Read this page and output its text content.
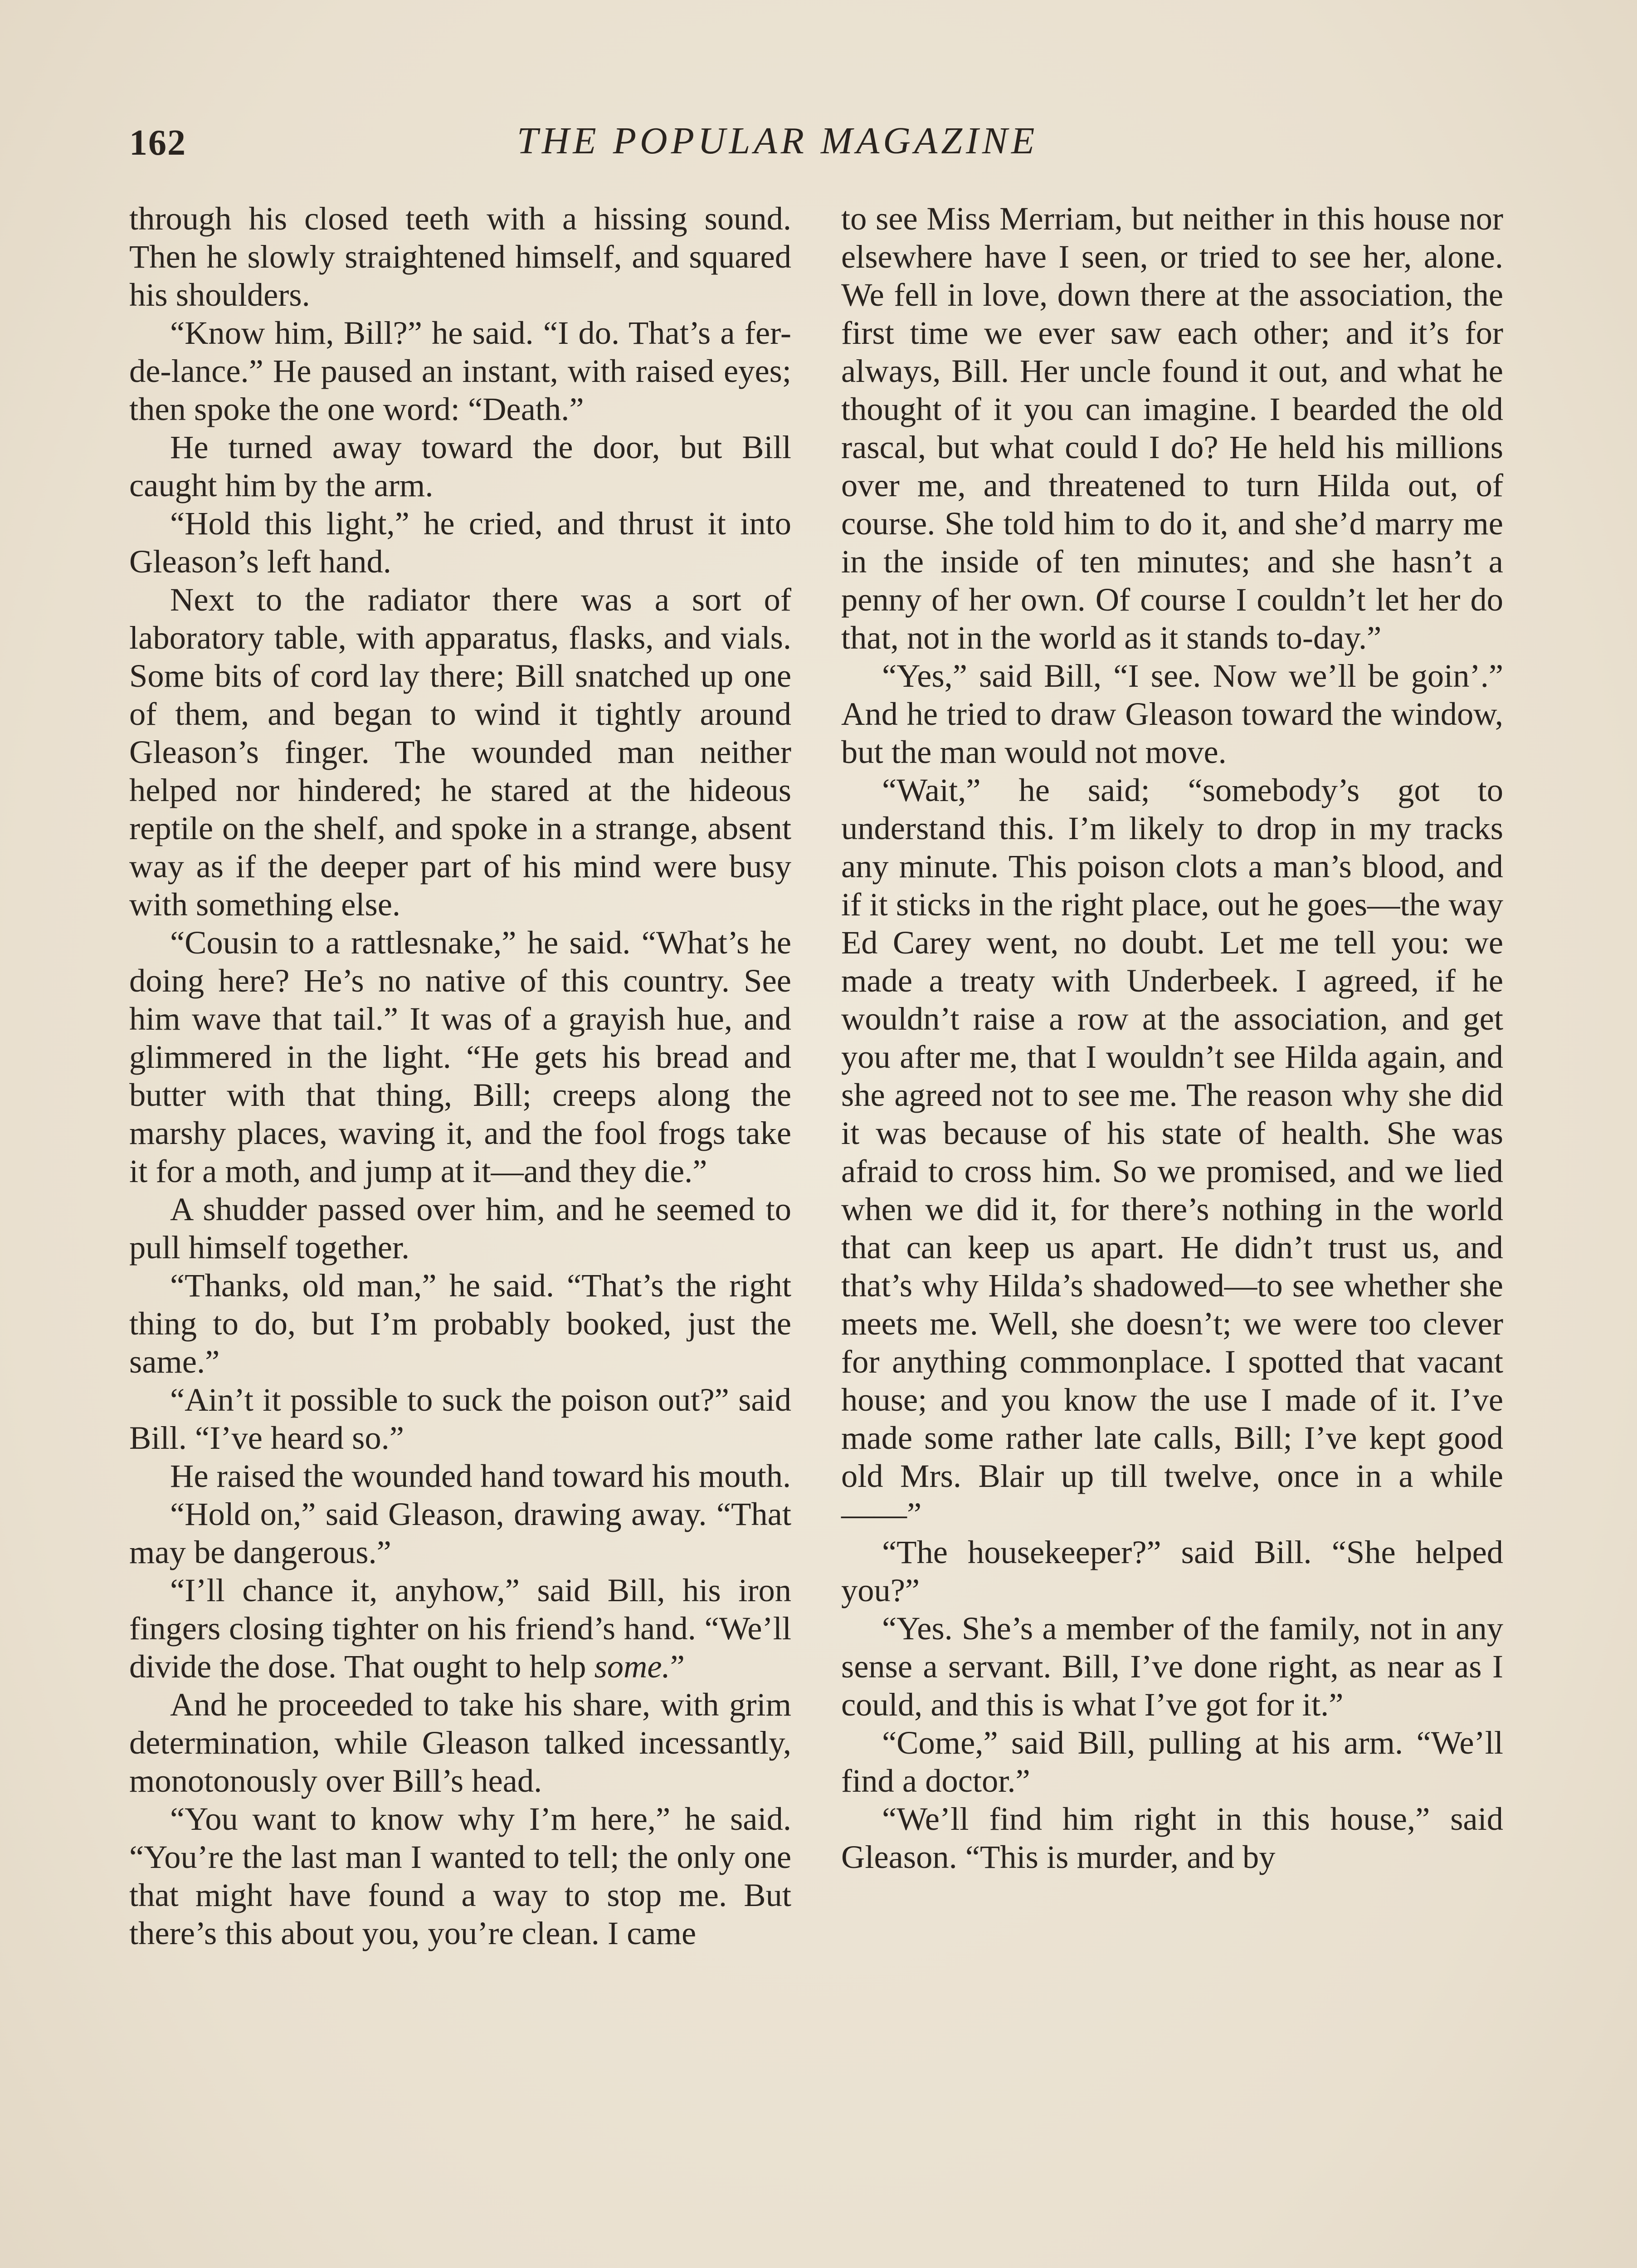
162	THE POPULAR MAGAZINE

through his closed teeth with a hissing sound. Then he slowly straightened himself, and squared his shoulders.

“Know him, Bill?” he said. “I do. That’s a fer-de-lance.” He paused an instant, with raised eyes; then spoke the one word: “Death.”

He turned away toward the door, but Bill caught him by the arm.

“Hold this light,” he cried, and thrust it into Gleason’s left hand.

Next to the radiator there was a sort of laboratory table, with apparatus, flasks, and vials. Some bits of cord lay there; Bill snatched up one of them, and began to wind it tightly around Gleason’s finger. The wounded man neither helped nor hindered; he stared at the hideous reptile on the shelf, and spoke in a strange, absent way as if the deeper part of his mind were busy with something else.

“Cousin to a rattlesnake,” he said. “What’s he doing here? He’s no native of this country. See him wave that tail.” It was of a grayish hue, and glimmered in the light. “He gets his bread and butter with that thing, Bill; creeps along the marshy places, waving it, and the fool frogs take it for a moth, and jump at it—and they die.”

A shudder passed over him, and he seemed to pull himself together.

“Thanks, old man,” he said. “That’s the right thing to do, but I’m probably booked, just the same.”

“Ain’t it possible to suck the poison out?” said Bill. “I’ve heard so.”

He raised the wounded hand toward his mouth.

“Hold on,” said Gleason, drawing away. “That may be dangerous.”

“I’ll chance it, anyhow,” said Bill, his iron fingers closing tighter on his friend’s hand. “We’ll divide the dose. That ought to help some.”

And he proceeded to take his share, with grim determination, while Gleason talked incessantly, monotonously over Bill’s head.

“You want to know why I’m here,” he said. “You’re the last man I wanted to tell; the only one that might have found a way to stop me. But there’s this about you, you’re clean. I came

to see Miss Merriam, but neither in this house nor elsewhere have I seen, or tried to see her, alone. We fell in love, down there at the association, the first time we ever saw each other; and it’s for always, Bill. Her uncle found it out, and what he thought of it you can imagine. I bearded the old rascal, but what could I do? He held his millions over me, and threatened to turn Hilda out, of course. She told him to do it, and she’d marry me in the inside of ten minutes; and she hasn’t a penny of her own. Of course I couldn’t let her do that, not in the world as it stands to-day.”

“Yes,” said Bill, “I see. Now we’ll be goin’.” And he tried to draw Gleason toward the window, but the man would not move.

“Wait,” he said; “somebody’s got to understand this. I’m likely to drop in my tracks any minute. This poison clots a man’s blood, and if it sticks in the right place, out he goes—the way Ed Carey went, no doubt. Let me tell you: we made a treaty with Underbeek. I agreed, if he wouldn’t raise a row at the association, and get you after me, that I wouldn’t see Hilda again, and she agreed not to see me. The reason why she did it was because of his state of health. She was afraid to cross him. So we promised, and we lied when we did it, for there’s nothing in the world that can keep us apart. He didn’t trust us, and that’s why Hilda’s shadowed—to see whether she meets me. Well, she doesn’t; we were too clever for anything commonplace. I spotted that vacant house; and you know the use I made of it. I’ve made some rather late calls, Bill; I’ve kept good old Mrs. Blair up till twelve, once in a while——”

“The housekeeper?” said Bill. “She helped you?”

“Yes. She’s a member of the family, not in any sense a servant. Bill, I’ve done right, as near as I could, and this is what I’ve got for it.”

“Come,” said Bill, pulling at his arm. “We’ll find a doctor.”

“We’ll find him right in this house,” said Gleason. “This is murder, and by
